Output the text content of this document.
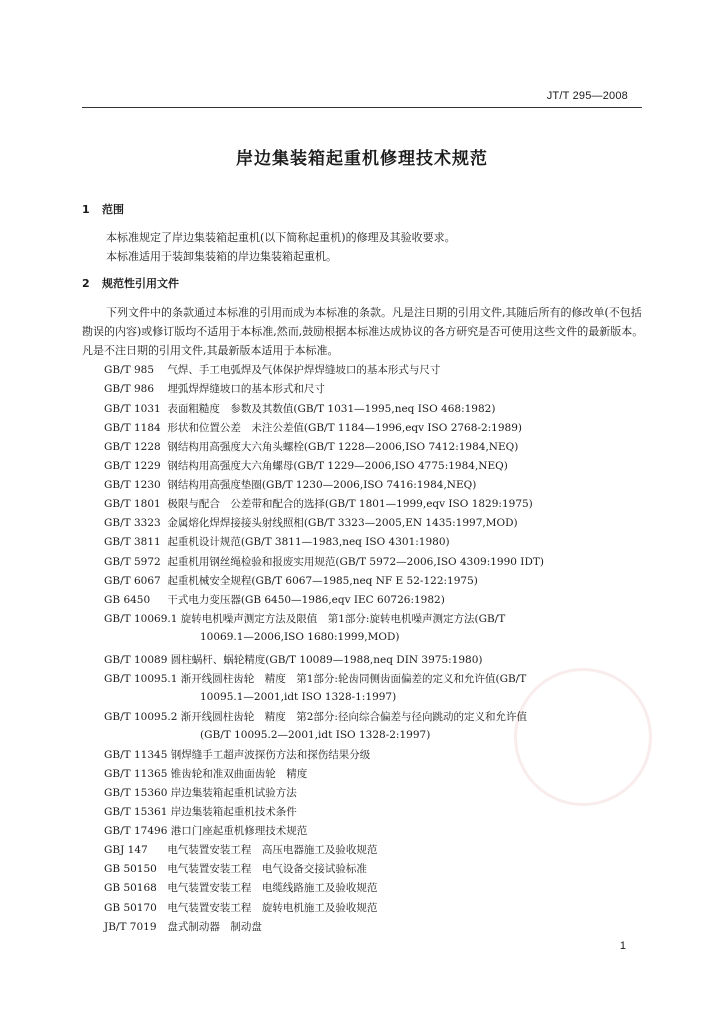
JT/T 295—2008
岸边集装箱起重机修理技术规范
1 范围
本标准规定了岸边集装箱起重机(以下简称起重机)的修理及其验收要求。
本标准适用于装卸集装箱的岸边集装箱起重机。
2 规范性引用文件
下列文件中的条款通过本标准的引用而成为本标准的条款。凡是注日期的引用文件,其随后所有的修改单(不包括勘误的内容)或修订版均不适用于本标准,然而,鼓励根据本标准达成协议的各方研究是否可使用这些文件的最新版本。凡是不注日期的引用文件,其最新版本适用于本标准。
GB/T 985 气焊、手工电弧焊及气体保护焊焊缝坡口的基本形式与尺寸
GB/T 986 埋弧焊焊缝坡口的基本形式和尺寸
GB/T 1031 表面粗糙度　参数及其数值(GB/T 1031—1995,neq ISO 468:1982)
GB/T 1184 形状和位置公差　未注公差值(GB/T 1184—1996,eqv ISO 2768-2:1989)
GB/T 1228 钢结构用高强度大六角头螺栓(GB/T 1228—2006,ISO 7412:1984,NEQ)
GB/T 1229 钢结构用高强度大六角螺母(GB/T 1229—2006,ISO 4775:1984,NEQ)
GB/T 1230 钢结构用高强度垫圈(GB/T 1230—2006,ISO 7416:1984,NEQ)
GB/T 1801 极限与配合　公差带和配合的选择(GB/T 1801—1999,eqv ISO 1829:1975)
GB/T 3323 金属熔化焊焊接接头射线照相(GB/T 3323—2005,EN 1435:1997,MOD)
GB/T 3811 起重机设计规范(GB/T 3811—1983,neq ISO 4301:1980)
GB/T 5972 起重机用钢丝绳检验和报废实用规范(GB/T 5972—2006,ISO 4309:1990 IDT)
GB/T 6067 起重机械安全规程(GB/T 6067—1985,neq NF E 52-122:1975)
GB 6450 干式电力变压器(GB 6450—1986,eqv IEC 60726:1982)
GB/T 10069.1 旋转电机噪声测定方法及限值　第1部分:旋转电机噪声测定方法(GB/T
10069.1—2006,ISO 1680:1999,MOD)
GB/T 10089 圆柱蜗杆、蜗轮精度(GB/T 10089—1988,neq DIN 3975:1980)
GB/T 10095.1 渐开线圆柱齿轮　精度　第1部分:轮齿同侧齿面偏差的定义和允许值(GB/T
10095.1—2001,idt ISO 1328-1:1997)
GB/T 10095.2 渐开线圆柱齿轮　精度　第2部分:径向综合偏差与径向跳动的定义和允许值
(GB/T 10095.2—2001,idt ISO 1328-2:1997)
GB/T 11345 钢焊缝手工超声波探伤方法和探伤结果分级
GB/T 11365 锥齿轮和准双曲面齿轮　精度
GB/T 15360 岸边集装箱起重机试验方法
GB/T 15361 岸边集装箱起重机技术条件
GB/T 17496 港口门座起重机修理技术规范
GBJ 147 电气装置安装工程　高压电器施工及验收规范
GB 50150 电气装置安装工程　电气设备交接试验标准
GB 50168 电气装置安装工程　电缆线路施工及验收规范
GB 50170 电气装置安装工程　旋转电机施工及验收规范
JB/T 7019 盘式制动器　制动盘
1
